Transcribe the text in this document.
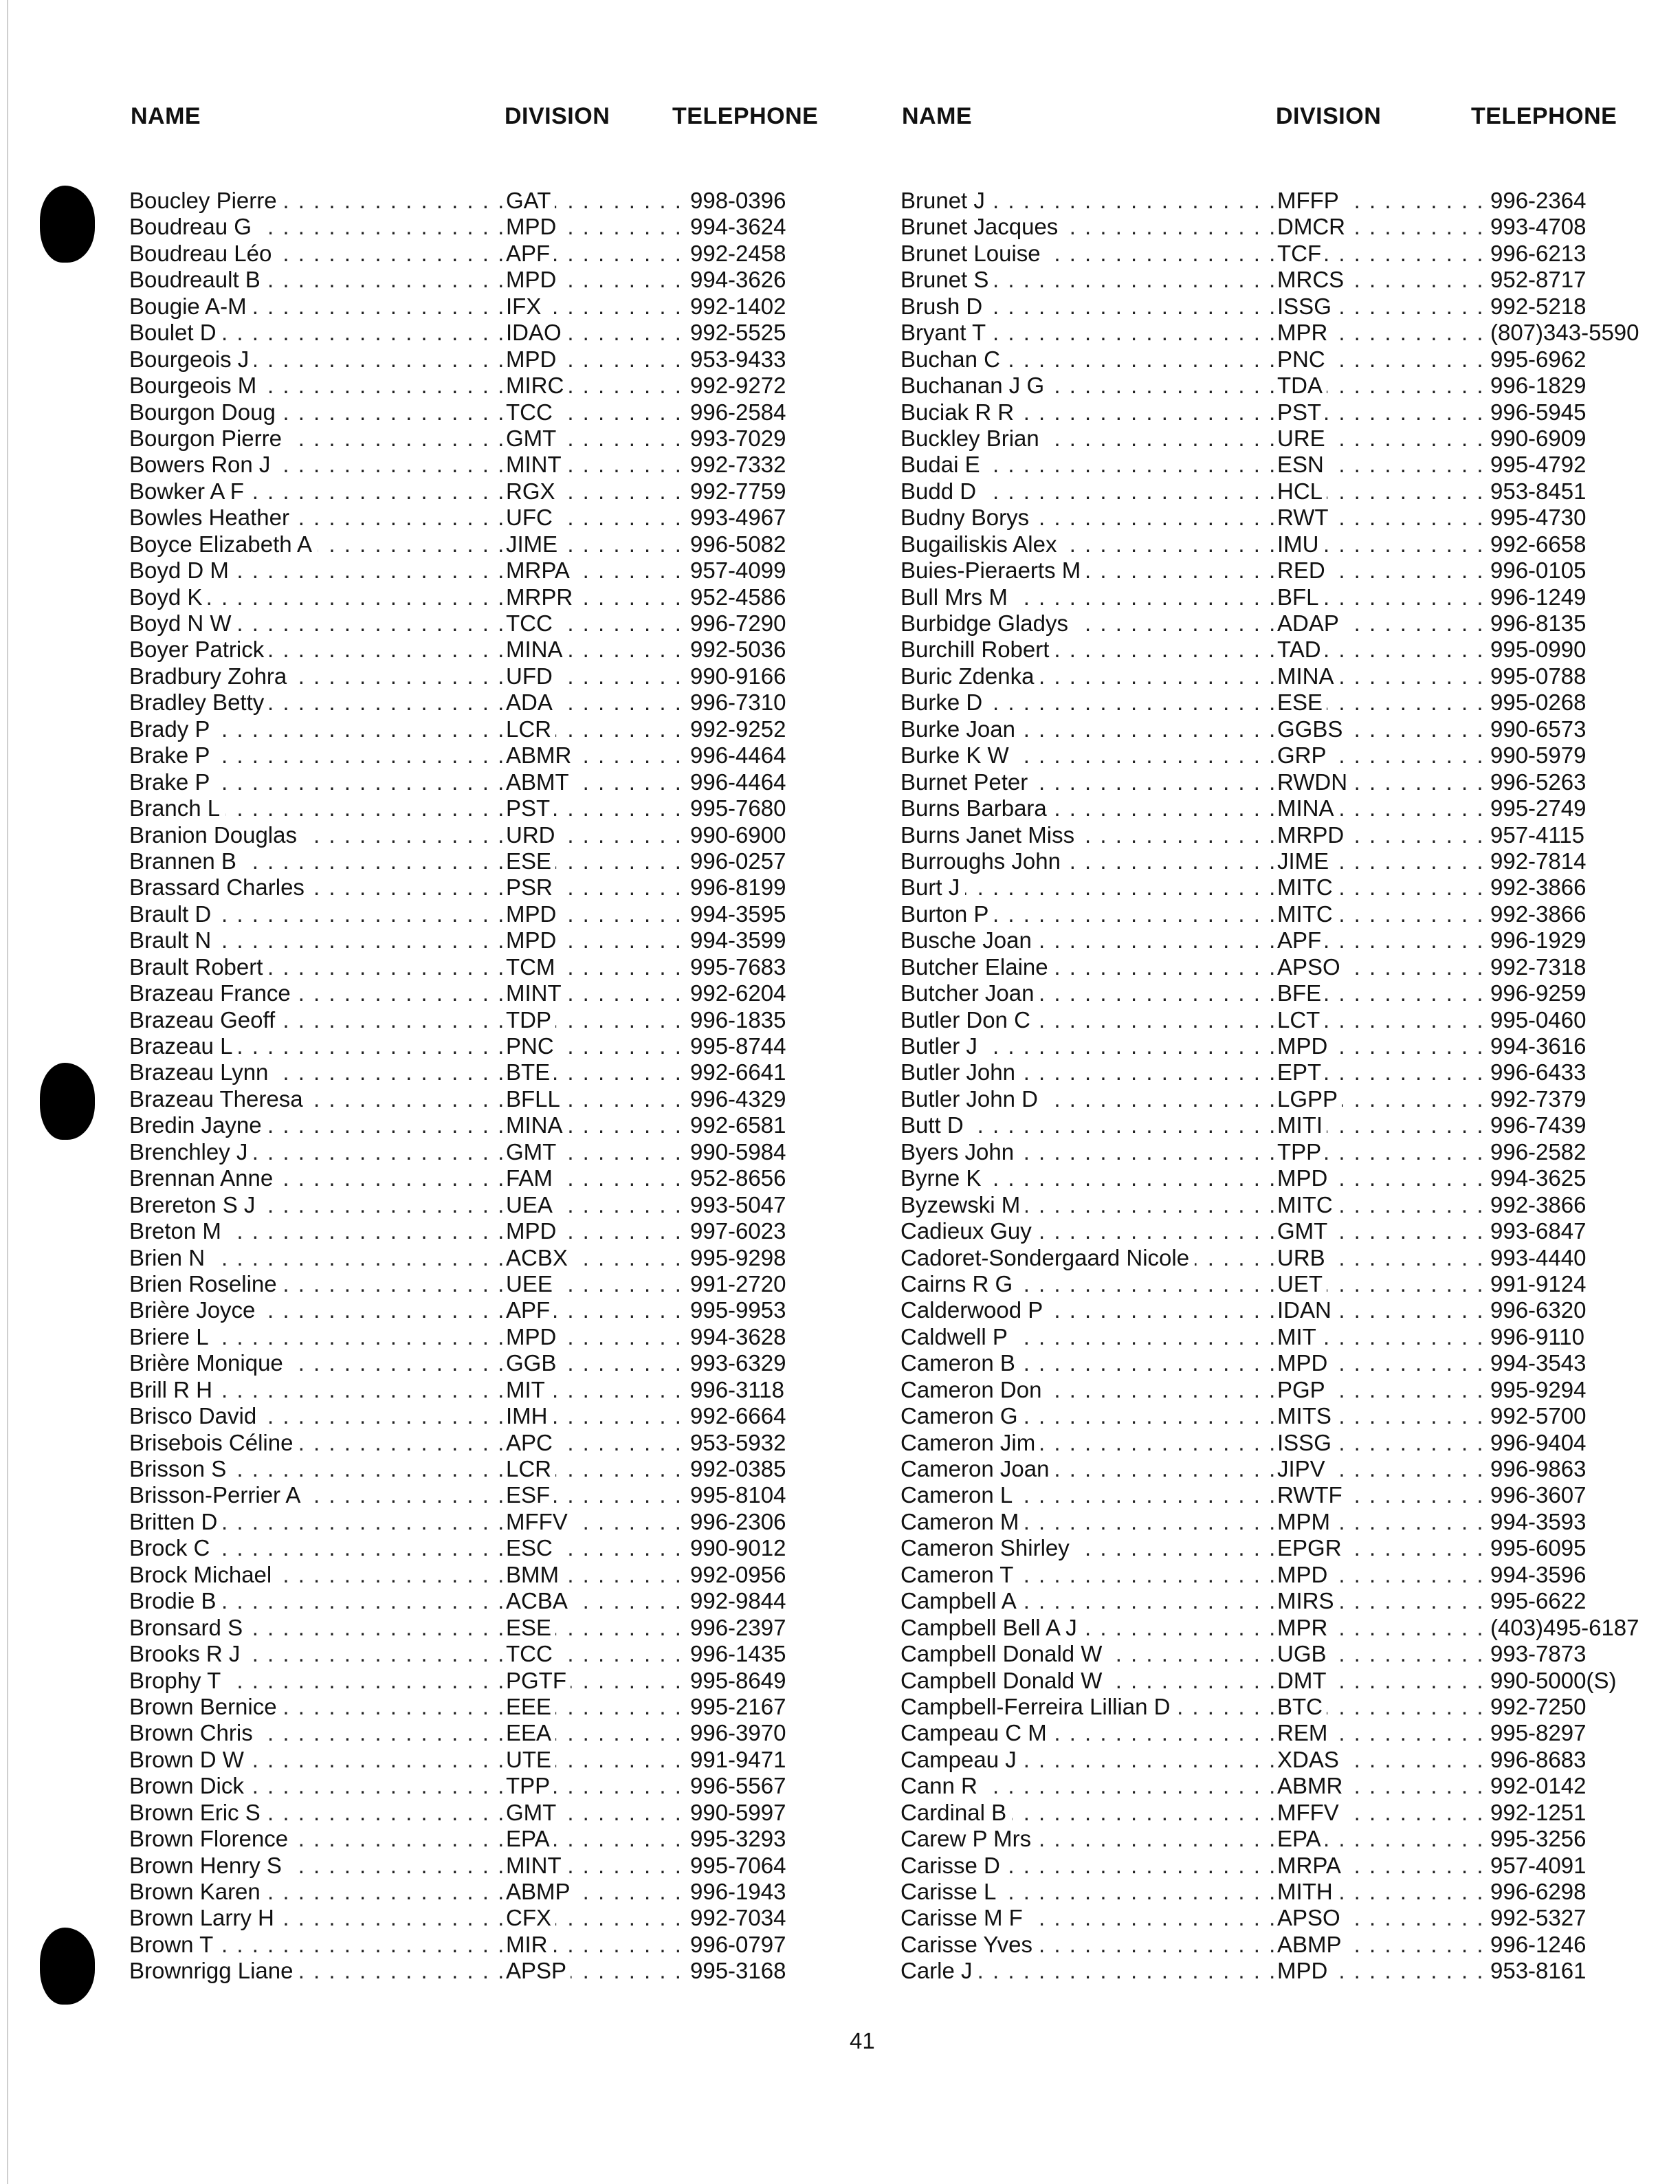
NAME	DIVISION	TELEPHONE
Boucley Pierre . . .	GAT . . .	998-0396
Boudreau G . . .	MPD . . .	994-3624
Boudreau Léo . . .	APF . . .	992-2458
Boudreault B . . .	MPD . . .	994-3626
Bougie A-M . . .	IFX . . .	992-1402
Boulet D . . .	IDAO . . .	992-5525
Bourgeois J . . .	MPD . . .	953-9433
Bourgeois M . . .	MIRC . . .	992-9272
Bourgon Doug . . .	TCC . . .	996-2584
Bourgon Pierre . . .	GMT . . .	993-7029
Bowers Ron J . . .	MINT . . .	992-7332
Bowker A F . . .	RGX . . .	992-7759
Bowles Heather . . .	UFC . . .	993-4967
Boyce Elizabeth A . . .	JIME . . .	996-5082
Boyd D M . . .	MRPA . . .	957-4099
Boyd K . . .	MRPR . . .	952-4586
Boyd N W . . .	TCC . . .	996-7290
Boyer Patrick . . .	MINA . . .	992-5036
Bradbury Zohra . . .	UFD . . .	990-9166
Bradley Betty . . .	ADA . . .	996-7310
Brady P . . .	LCR . . .	992-9252
Brake P . . .	ABMR . . .	996-4464
Brake P . . .	ABMT . . .	996-4464
Branch L . . .	PST . . .	995-7680
Branion Douglas . . .	URD . . .	990-6900
Brannen B . . .	ESE . . .	996-0257
Brassard Charles . . .	PSR . . .	996-8199
Brault D . . .	MPD . . .	994-3595
Brault N . . .	MPD . . .	994-3599
Brault Robert . . .	TCM . . .	995-7683
Brazeau France . . .	MINT . . .	992-6204
Brazeau Geoff . . .	TDP . . .	996-1835
Brazeau L . . .	PNC . . .	995-8744
Brazeau Lynn . . .	BTE . . .	992-6641
Brazeau Theresa . . .	BFLL . . .	996-4329
Bredin Jayne . . .	MINA . . .	992-6581
Brenchley J . . .	GMT . . .	990-5984
Brennan Anne . . .	FAM . . .	952-8656
Brereton S J . . .	UEA . . .	993-5047
Breton M . . .	MPD . . .	997-6023
Brien N . . .	ACBX . . .	995-9298
Brien Roseline . . .	UEE . . .	991-2720
Brière Joyce . . .	APF . . .	995-9953
Briere L . . .	MPD . . .	994-3628
Brière Monique . . .	GGB . . .	993-6329
Brill R H . . .	MIT . . .	996-3118
Brisco David . . .	IMH . . .	992-6664
Brisebois Céline . . .	APC . . .	953-5932
Brisson S . . .	LCR . . .	992-0385
Brisson-Perrier A . . .	ESF . . .	995-8104
Britten D . . .	MFFV . . .	996-2306
Brock C . . .	ESC . . .	990-9012
Brock Michael . . .	BMM . . .	992-0956
Brodie B . . .	ACBA . . .	992-9844
Bronsard S . . .	ESE . . .	996-2397
Brooks R J . . .	TCC . . .	996-1435
Brophy T . . .	PGTF . . .	995-8649
Brown Bernice . . .	EEE . . .	995-2167
Brown Chris . . .	EEA . . .	996-3970
Brown D W . . .	UTE . . .	991-9471
Brown Dick . . .	TPP . . .	996-5567
Brown Eric S . . .	GMT . . .	990-5997
Brown Florence . . .	EPA . . .	995-3293
Brown Henry S . . .	MINT . . .	995-7064
Brown Karen . . .	ABMP . . .	996-1943
Brown Larry H . . .	CFX . . .	992-7034
Brown T . . .	MIR . . .	996-0797
Brownrigg Liane . . .	APSP . . .	995-3168
NAME	DIVISION	TELEPHONE
Brunet J . . .	MFFP . . .	996-2364
Brunet Jacques . . .	DMCR . . .	993-4708
Brunet Louise . . .	TCF . . .	996-6213
Brunet S . . .	MRCS . . .	952-8717
Brush D . . .	ISSG . . .	992-5218
Bryant T . . .	MPR . . .	(807)343-5590
Buchan C . . .	PNC . . .	995-6962
Buchanan J G . . .	TDA . . .	996-1829
Buciak R R . . .	PST . . .	996-5945
Buckley Brian . . .	URE . . .	990-6909
Budai E . . .	ESN . . .	995-4792
Budd D . . .	HCL . . .	953-8451
Budny Borys . . .	RWT . . .	995-4730
Bugailiskis Alex . . .	IMU . . .	992-6658
Buies-Pieraerts M . . .	RED . . .	996-0105
Bull Mrs M . . .	BFL . . .	996-1249
Burbidge Gladys . . .	ADAP . . .	996-8135
Burchill Robert . . .	TAD . . .	995-0990
Buric Zdenka . . .	MINA . . .	995-0788
Burke D . . .	ESE . . .	995-0268
Burke Joan . . .	GGBS . . .	990-6573
Burke K W . . .	GRP . . .	990-5979
Burnet Peter . . .	RWDN . . .	996-5263
Burns Barbara . . .	MINA . . .	995-2749
Burns Janet Miss . . .	MRPD . . .	957-4115
Burroughs John . . .	JIME . . .	992-7814
Burt J . . .	MITC . . .	992-3866
Burton P . . .	MITC . . .	992-3866
Busche Joan . . .	APF . . .	996-1929
Butcher Elaine . . .	APSO . . .	992-7318
Butcher Joan . . .	BFE . . .	996-9259
Butler Don C . . .	LCT . . .	995-0460
Butler J . . .	MPD . . .	994-3616
Butler John . . .	EPT . . .	996-6433
Butler John D . . .	LGPP . . .	992-7379
Butt D . . .	MITI . . .	996-7439
Byers John . . .	TPP . . .	996-2582
Byrne K . . .	MPD . . .	994-3625
Byzewski M . . .	MITC . . .	992-3866
Cadieux Guy . . .	GMT . . .	993-6847
Cadoret-Sondergaard Nicole . . .	URB . . .	993-4440
Cairns R G . . .	UET . . .	991-9124
Calderwood P . . .	IDAN . . .	996-6320
Caldwell P . . .	MIT . . .	996-9110
Cameron B . . .	MPD . . .	994-3543
Cameron Don . . .	PGP . . .	995-9294
Cameron G . . .	MITS . . .	992-5700
Cameron Jim . . .	ISSG . . .	996-9404
Cameron Joan . . .	JIPV . . .	996-9863
Cameron L . . .	RWTF . . .	996-3607
Cameron M . . .	MPM . . .	994-3593
Cameron Shirley . . .	EPGR . . .	995-6095
Cameron T . . .	MPD . . .	994-3596
Campbell A . . .	MIRS . . .	995-6622
Campbell Bell A J . . .	MPR . . .	(403)495-6187
Campbell Donald W . . .	UGB . . .	993-7873
Campbell Donald W . . .	DMT . . .	990-5000(S)
Campbell-Ferreira Lillian D . . .	BTC . . .	992-7250
Campeau C M . . .	REM . . .	995-8297
Campeau J . . .	XDAS . . .	996-8683
Cann R . . .	ABMR . . .	992-0142
Cardinal B . . .	MFFV . . .	992-1251
Carew P Mrs . . .	EPA . . .	995-3256
Carisse D . . .	MRPA . . .	957-4091
Carisse L . . .	MITH . . .	996-6298
Carisse M F . . .	APSO . . .	992-5327
Carisse Yves . . .	ABMP . . .	996-1246
Carle J . . .	MPD . . .	953-8161
41
